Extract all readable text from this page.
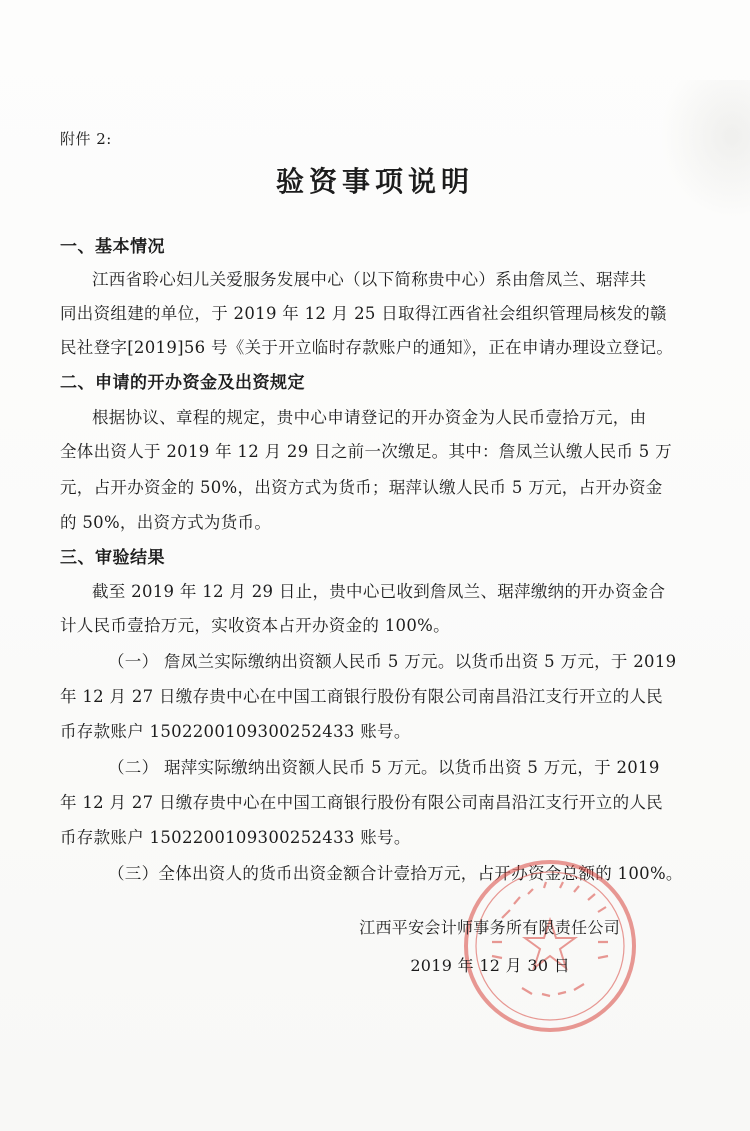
附件 2:
验资事项说明
一、基本情况
江西省聆心妇儿关爱服务发展中心（以下简称贵中心）系由詹凤兰、琚萍共
同出资组建的单位，于 2019 年 12 月 25 日取得江西省社会组织管理局核发的赣
民社登字[2019]56 号《关于开立临时存款账户的通知》，正在申请办理设立登记。
二、申请的开办资金及出资规定
根据协议、章程的规定，贵中心申请登记的开办资金为人民币壹拾万元，由
全体出资人于 2019 年 12 月 29 日之前一次缴足。其中：詹凤兰认缴人民币 5 万
元，占开办资金的 50%，出资方式为货币；琚萍认缴人民币 5 万元，占开办资金
的 50%，出资方式为货币。
三、审验结果
截至 2019 年 12 月 29 日止，贵中心已收到詹凤兰、琚萍缴纳的开办资金合
计人民币壹拾万元，实收资本占开办资金的 100%。
（一） 詹凤兰实际缴纳出资额人民币 5 万元。以货币出资 5 万元，于 2019
年 12 月 27 日缴存贵中心在中国工商银行股份有限公司南昌沿江支行开立的人民
币存款账户 1502200109300252433 账号。
（二） 琚萍实际缴纳出资额人民币 5 万元。以货币出资 5 万元，于 2019
年 12 月 27 日缴存贵中心在中国工商银行股份有限公司南昌沿江支行开立的人民
币存款账户 1502200109300252433 账号。
（三）全体出资人的货币出资金额合计壹拾万元，占开办资金总额的 100%。
江西平安会计师事务所有限责任公司
2019 年 12 月 30 日
